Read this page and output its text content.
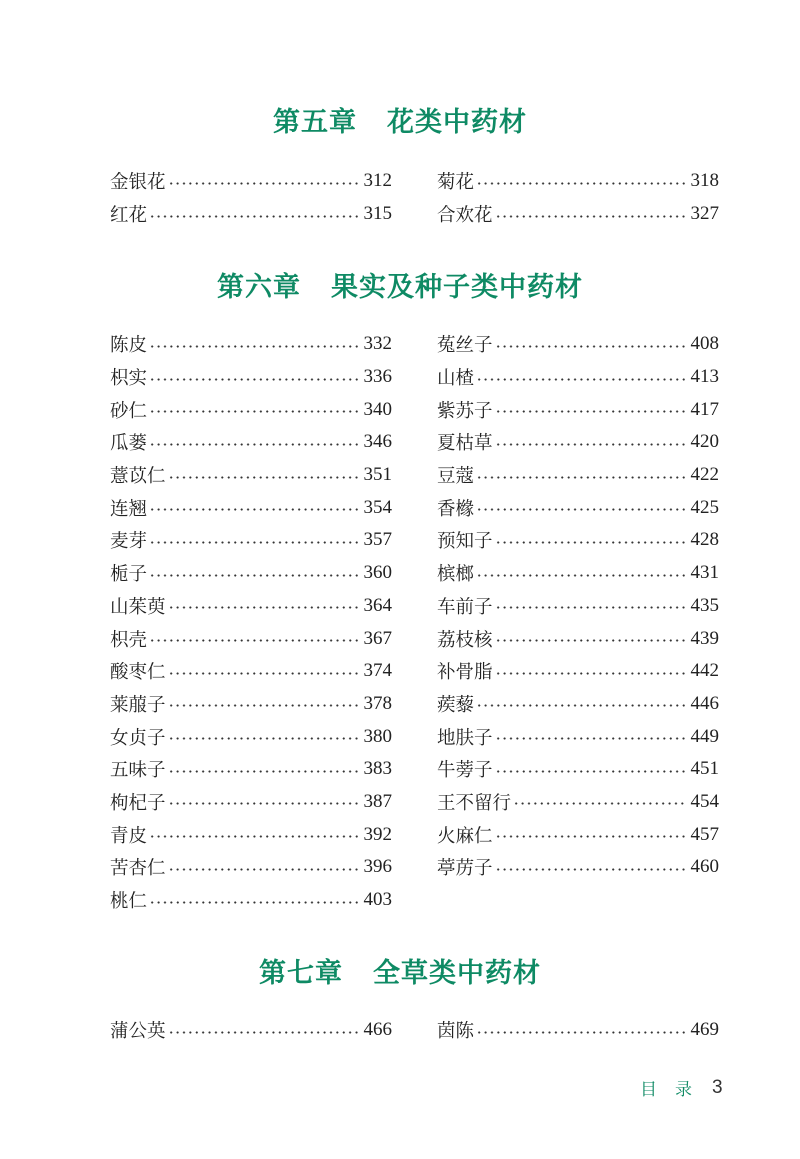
第五章 花类中药材
金银花	312
红花	315
菊花	318
合欢花	327
第六章 果实及种子类中药材
陈皮	332
枳实	336
砂仁	340
瓜蒌	346
薏苡仁	351
连翘	354
麦芽	357
栀子	360
山茱萸	364
枳壳	367
酸枣仁	374
莱菔子	378
女贞子	380
五味子	383
枸杞子	387
青皮	392
苦杏仁	396
桃仁	403
菟丝子	408
山楂	413
紫苏子	417
夏枯草	420
豆蔻	422
香橼	425
预知子	428
槟榔	431
车前子	435
荔枝核	439
补骨脂	442
蒺藜	446
地肤子	449
牛蒡子	451
王不留行	454
火麻仁	457
葶苈子	460
第七章 全草类中药材
蒲公英	466 茵陈	469
目录 3
